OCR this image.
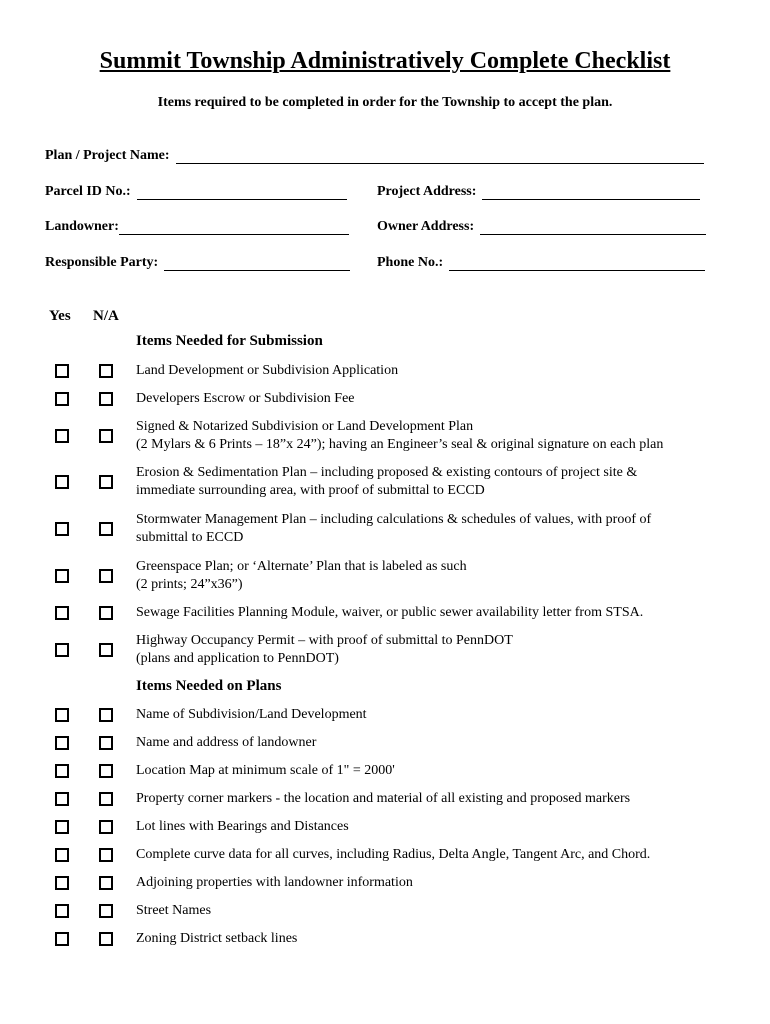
Summit Township Administratively Complete Checklist
Items required to be completed in order for the Township to accept the plan.
Plan / Project Name:
Parcel ID No.:	Project Address:
Landowner:	Owner Address:
Responsible Party:	Phone No.:
Yes N/A
Items Needed for Submission
Land Development or Subdivision Application
Developers Escrow or Subdivision Fee
Signed & Notarized Subdivision or Land Development Plan
(2 Mylars & 6 Prints – 18”x 24”); having an Engineer’s seal & original signature on each plan
Erosion & Sedimentation Plan – including proposed & existing contours of project site &
immediate surrounding area, with proof of submittal to ECCD
Stormwater Management Plan – including calculations & schedules of values, with proof of
submittal to ECCD
Greenspace Plan; or ‘Alternate’ Plan that is labeled as such
(2 prints; 24”x36”)
Sewage Facilities Planning Module, waiver, or public sewer availability letter from STSA.
Highway Occupancy Permit – with proof of submittal to PennDOT
(plans and application to PennDOT)
Items Needed on Plans
Name of Subdivision/Land Development
Name and address of landowner
Location Map at minimum scale of 1" = 2000'
Property corner markers - the location and material of all existing and proposed markers
Lot lines with Bearings and Distances
Complete curve data for all curves, including Radius, Delta Angle, Tangent Arc, and Chord.
Adjoining properties with landowner information
Street Names
Zoning District setback lines
